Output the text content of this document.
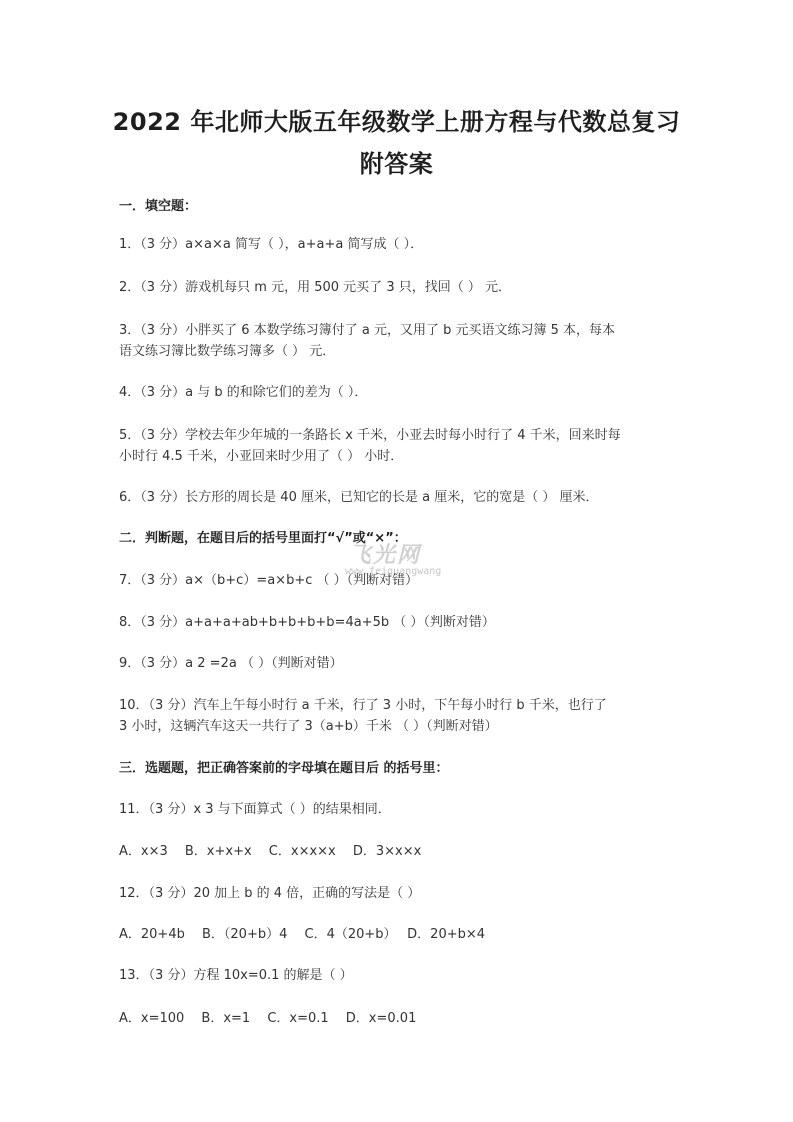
2022 年北师大版五年级数学上册方程与代数总复习
附答案
一．填空题：
1．（3 分）a×a×a 简写（ ），a+a+a 简写成（ ）．
2．（3 分）游戏机每只 m 元，用 500 元买了 3 只，找回（ ） 元．
3．（3 分）小胖买了 6 本数学练习簿付了 a 元，又用了 b 元买语文练习簿 5 本，每本
语文练习簿比数学练习簿多（ ） 元．
4．（3 分）a 与 b 的和除它们的差为（ ）．
5．（3 分）学校去年少年城的一条路长 x 千米，小亚去时每小时行了 4 千米，回来时每
小时行 4.5 千米，小亚回来时少用了（ ） 小时．
6．（3 分）长方形的周长是 40 厘米，已知它的长是 a 厘米，它的宽是（ ） 厘米．
二．判断题，在题目后的括号里面打“√”或“×”：
7．（3 分）a×（b+c）=a×b+c （ ）（判断对错）
8．（3 分）a+a+a+ab+b+b+b+b=4a+5b （ ）（判断对错）
9．（3 分）a 2 =2a （ ）（判断对错）
10．（3 分）汽车上午每小时行 a 千米，行了 3 小时，下午每小时行 b 千米，也行了
3 小时，这辆汽车这天一共行了 3（a+b）千米 （ ）（判断对错）
三．选题题，把正确答案前的字母填在题目后 的括号里：
11．（3 分）x 3 与下面算式（ ）的结果相同．
A．x×3　 B．x+x+x　 C．x×x×x　 D．3×x×x
12．（3 分）20 加上 b 的 4 倍，正确的写法是（ ）
A．20+4b　 B．（20+b）4　 C．4（20+b）　 D．20+b×4
13．（3 分）方程 10x=0.1 的解是（ ）
A．x=100　 B．x=1　 C．x=0.1　 D．x=0.01
飞光网
www.feiguangwang
